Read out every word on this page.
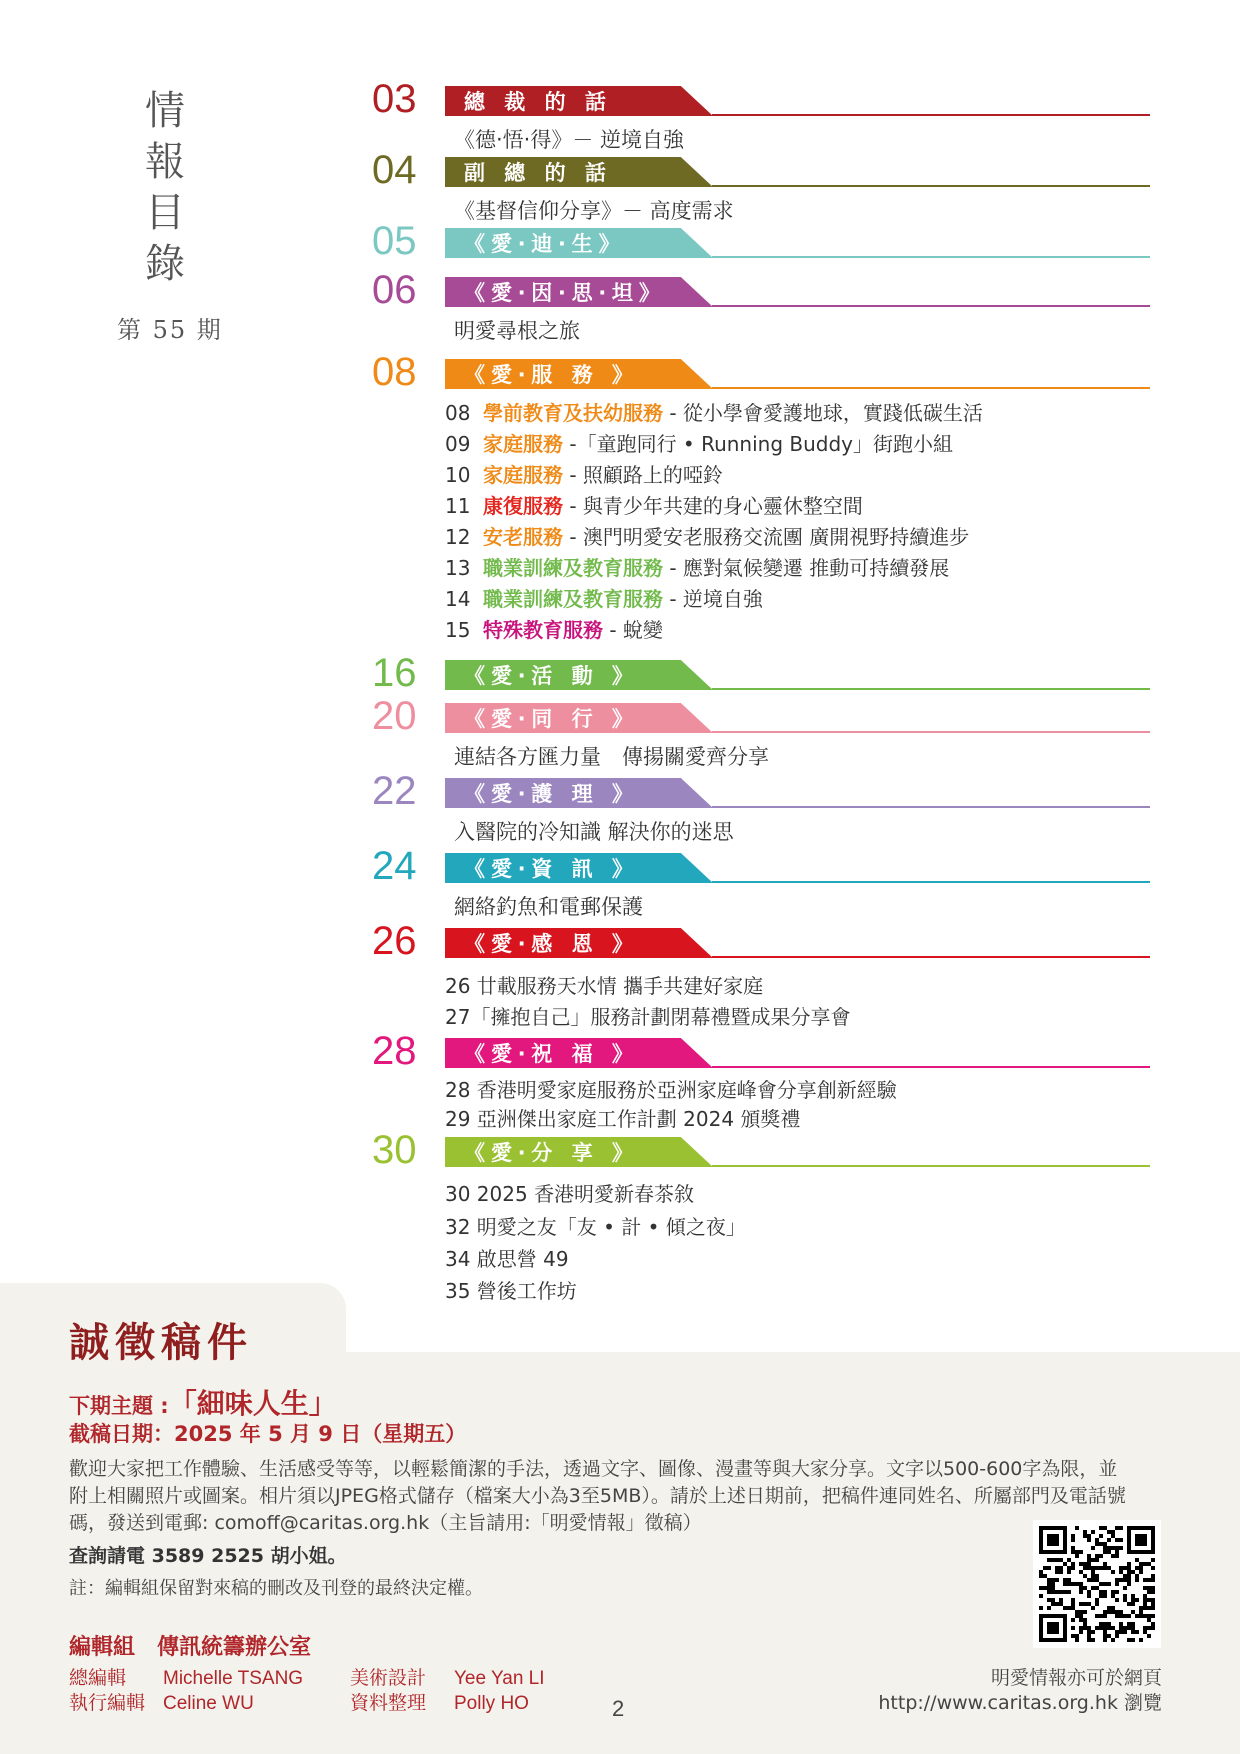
情
報
目
錄
第 55 期
03 總 裁 的 話
《德‧悟‧得》－ 逆境自強
04 副 總 的 話
《基督信仰分享》－ 高度需求
05 《愛‧迪‧生》
06 《愛‧因‧思‧坦》
明愛尋根之旅
08 《愛‧服 務 》
16 《愛‧活 動 》
20 《愛‧同 行 》
連結各方匯力量　傳揚關愛齊分享
22 《愛‧護 理 》
入醫院的冷知識 解決你的迷思
24 《愛‧資 訊 》
網絡釣魚和電郵保護
26 《愛‧感 恩 》
28 《愛‧祝 福 》
30 《愛‧分 享 》
08 學前教育及扶幼服務 - 從小學會愛護地球，實踐低碳生活
09 家庭服務 -「童跑同行 • Running Buddy」街跑小組
10 家庭服務 - 照顧路上的啞鈴
11 康復服務 - 與青少年共建的身心靈休整空間
12 安老服務 - 澳門明愛安老服務交流團 廣開視野持續進步
13 職業訓練及教育服務 - 應對氣候變遷 推動可持續發展
14 職業訓練及教育服務 - 逆境自強
15 特殊教育服務 - 蛻變
26 廿載服務天水情 攜手共建好家庭
27「擁抱自己」服務計劃閉幕禮暨成果分享會
28 香港明愛家庭服務於亞洲家庭峰會分享創新經驗
29 亞洲傑出家庭工作計劃 2024 頒獎禮
30 2025 香港明愛新春茶敘
32 明愛之友「友 • 計 • 傾之夜」
34 啟思營 49
35 營後工作坊
誠徵稿件
下期主題 :「細味人生」
截稿日期：2025 年 5 月 9 日（星期五）
歡迎大家把工作體驗、生活感受等等，以輕鬆簡潔的手法，透過文字、圖像、漫畫等與大家分享。文字以500-600字為限，並附上相關照片或圖案。相片須以JPEG格式儲存（檔案大小為3至5MB）。請於上述日期前，把稿件連同姓名、所屬部門及電話號碼，發送到電郵: comoff@caritas.org.hk（主旨請用:「明愛情報」徵稿）
查詢請電 3589 2525 胡小姐。
註：編輯組保留對來稿的刪改及刊登的最終決定權。
編輯組　傳訊統籌辦公室
總編輯 Michelle TSANG
執行編輯 Celine WU
美術設計 Yee Yan LI
資料整理 Polly HO
明愛情報亦可於網頁
http://www.caritas.org.hk 瀏覽
2
